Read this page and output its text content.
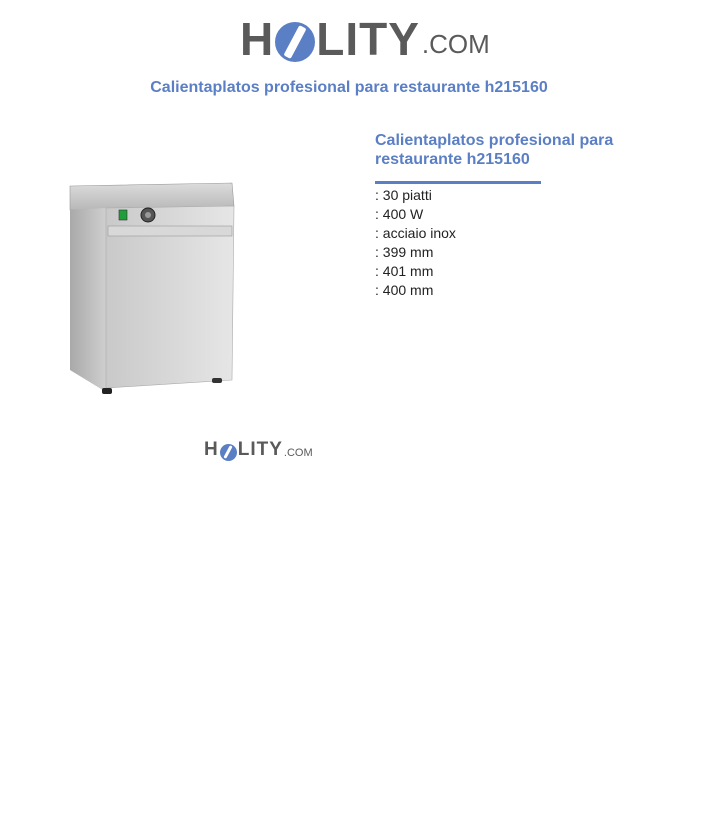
H LITY .COM
Calientaplatos profesional para restaurante h215160
H LITY .COM
Calientaplatos profesional para restaurante h215160
: 30 piatti
: 400 W
: acciaio inox
: 399 mm
: 401 mm
: 400 mm
